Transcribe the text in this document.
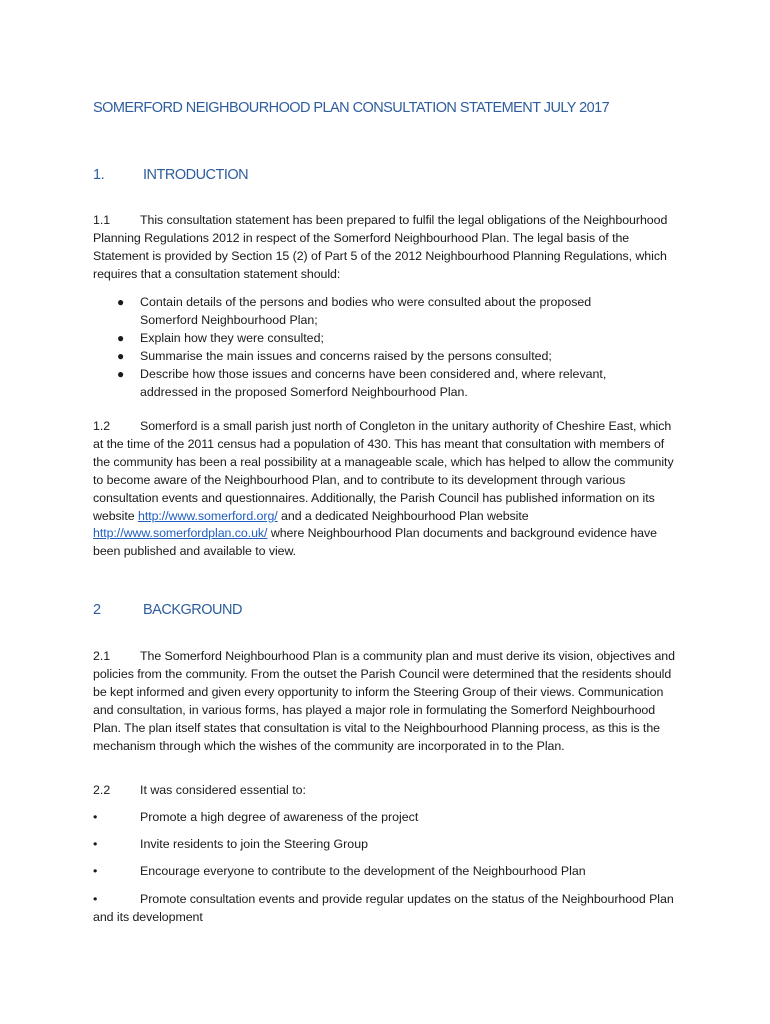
SOMERFORD NEIGHBOURHOOD PLAN CONSULTATION STATEMENT JULY 2017
1.	INTRODUCTION
1.1 This consultation statement has been prepared to fulfil the legal obligations of the Neighbourhood Planning Regulations 2012 in respect of the Somerford Neighbourhood Plan. The legal basis of the Statement is provided by Section 15 (2) of Part 5 of the 2012 Neighbourhood Planning Regulations, which requires that a consultation statement should:
● Contain details of the persons and bodies who were consulted about the proposed Somerford Neighbourhood Plan;
● Explain how they were consulted;
● Summarise the main issues and concerns raised by the persons consulted;
● Describe how those issues and concerns have been considered and, where relevant, addressed in the proposed Somerford Neighbourhood Plan.
1.2 Somerford is a small parish just north of Congleton in the unitary authority of Cheshire East, which at the time of the 2011 census had a population of 430. This has meant that consultation with members of the community has been a real possibility at a manageable scale, which has helped to allow the community to become aware of the Neighbourhood Plan, and to contribute to its development through various consultation events and questionnaires. Additionally, the Parish Council has published information on its website http://www.somerford.org/ and a dedicated Neighbourhood Plan website http://www.somerfordplan.co.uk/ where Neighbourhood Plan documents and background evidence have been published and available to view.
2	BACKGROUND
2.1 The Somerford Neighbourhood Plan is a community plan and must derive its vision, objectives and policies from the community. From the outset the Parish Council were determined that the residents should be kept informed and given every opportunity to inform the Steering Group of their views. Communication and consultation, in various forms, has played a major role in formulating the Somerford Neighbourhood Plan. The plan itself states that consultation is vital to the Neighbourhood Planning process, as this is the mechanism through which the wishes of the community are incorporated in to the Plan.
2.2 It was considered essential to:
•	Promote a high degree of awareness of the project
•	Invite residents to join the Steering Group
•	Encourage everyone to contribute to the development of the Neighbourhood Plan
•	Promote consultation events and provide regular updates on the status of the Neighbourhood Plan and its development
